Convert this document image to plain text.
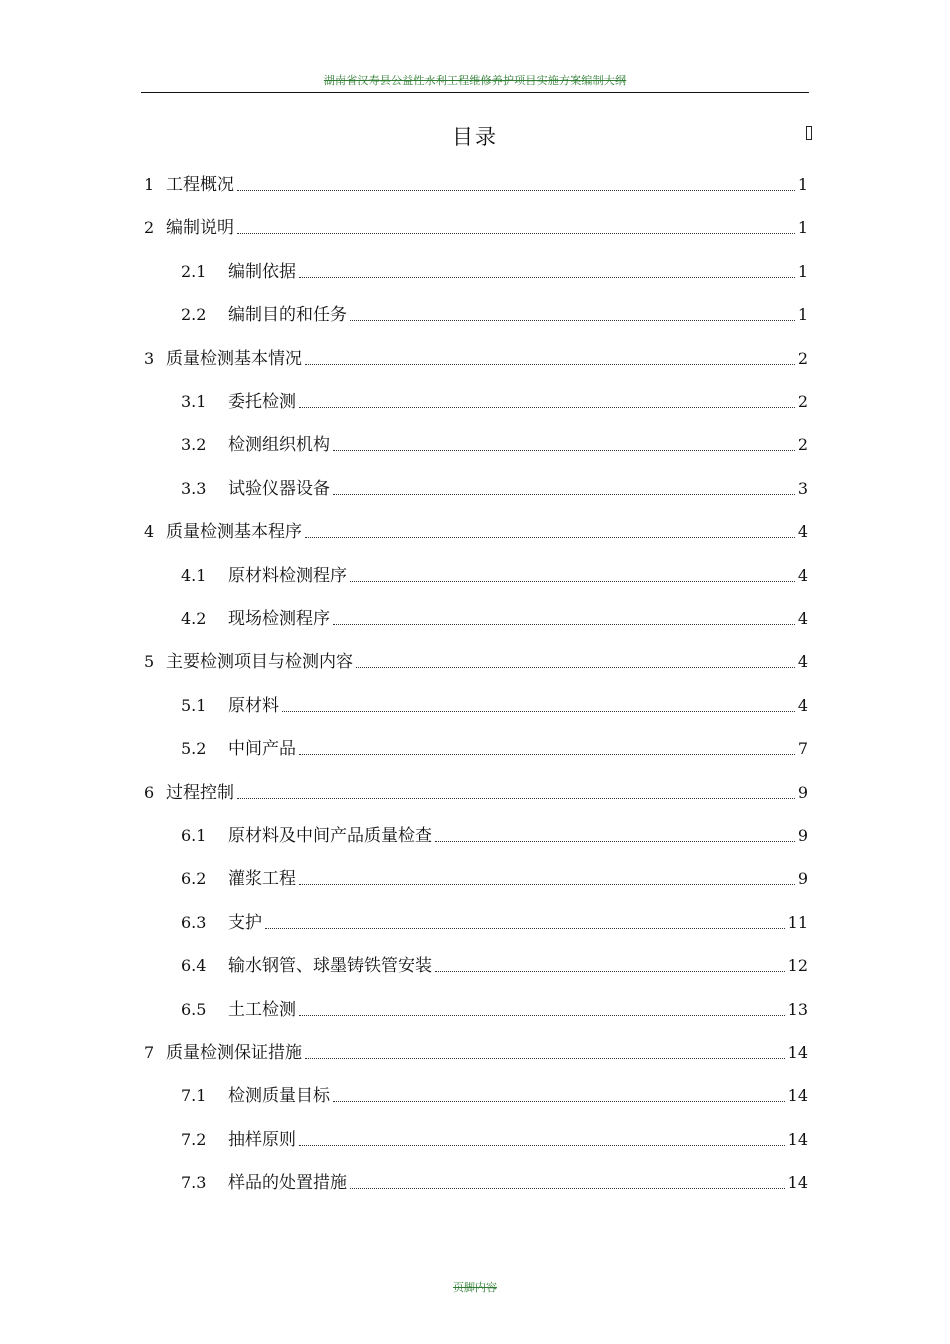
湖南省汉寿县公益性水利工程维修养护项目实施方案编制大纲
目录
1 工程概况	1
2 编制说明	1
2.1	编制依据	1
2.2	编制目的和任务	1
3 质量检测基本情况	2
3.1	委托检测	2
3.2	检测组织机构	2
3.3	试验仪器设备	3
4 质量检测基本程序	4
4.1	原材料检测程序	4
4.2	现场检测程序	4
5 主要检测项目与检测内容	4
5.1	原材料	4
5.2	中间产品	7
6 过程控制	9
6.1	原材料及中间产品质量检查	9
6.2	灌浆工程	9
6.3	支护	11
6.4	输水钢管、球墨铸铁管安装	12
6.5	土工检测	13
7 质量检测保证措施	14
7.1	检测质量目标	14
7.2	抽样原则	14
7.3	样品的处置措施	14
页脚内容
